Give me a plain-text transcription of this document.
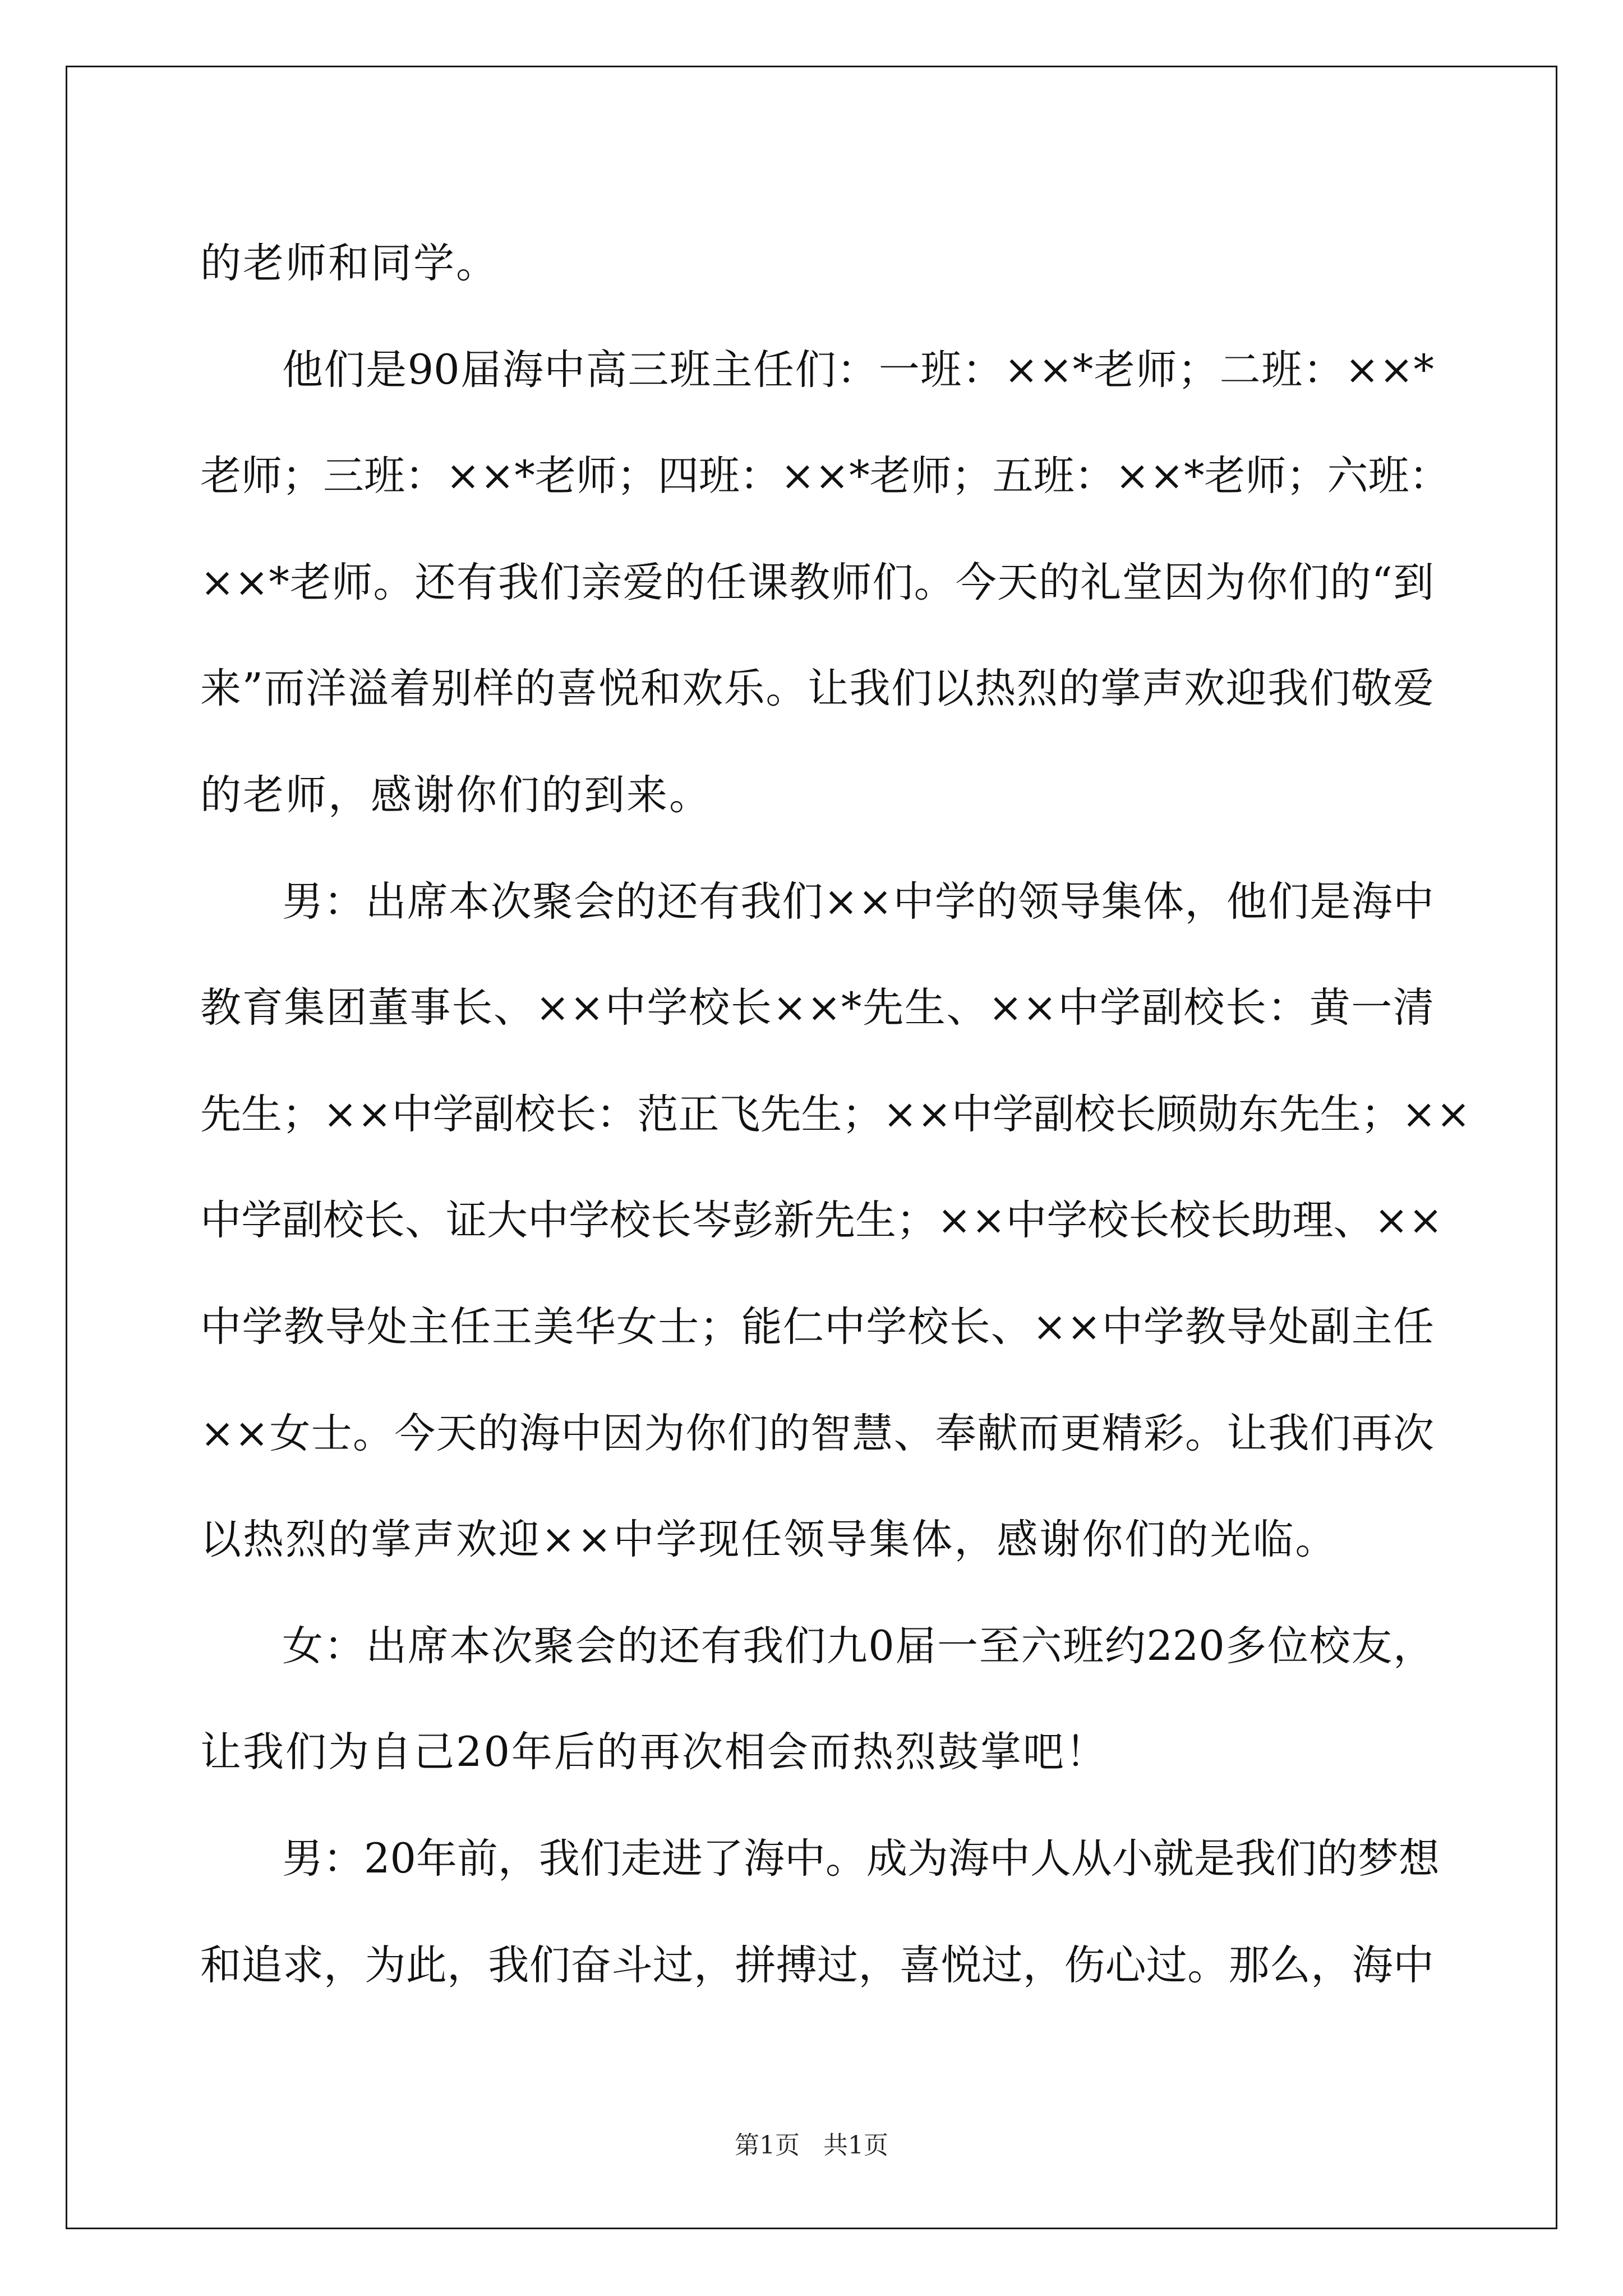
的老师和同学。
他们是90届海中高三班主任们：一班：××*老师；二班：××*
老师；三班：××*老师；四班：××*老师；五班：××*老师；六班：
××*老师。还有我们亲爱的任课教师们。今天的礼堂因为你们的“到
来”而洋溢着别样的喜悦和欢乐。让我们以热烈的掌声欢迎我们敬爱
的老师，感谢你们的到来。
男：出席本次聚会的还有我们××中学的领导集体，他们是海中
教育集团董事长、××中学校长××*先生、××中学副校长：黄一清
先生；××中学副校长：范正飞先生；××中学副校长顾勋东先生；××
中学副校长、证大中学校长岑彭新先生；××中学校长校长助理、××
中学教导处主任王美华女士；能仁中学校长、××中学教导处副主任
××女士。今天的海中因为你们的智慧、奉献而更精彩。让我们再次
以热烈的掌声欢迎××中学现任领导集体，感谢你们的光临。
女：出席本次聚会的还有我们九0届一至六班约220多位校友，
让我们为自己20年后的再次相会而热烈鼓掌吧！
男：20年前，我们走进了海中。成为海中人从小就是我们的梦想
和追求，为此，我们奋斗过，拼搏过，喜悦过，伤心过。那么，海中
第1页 共1页
